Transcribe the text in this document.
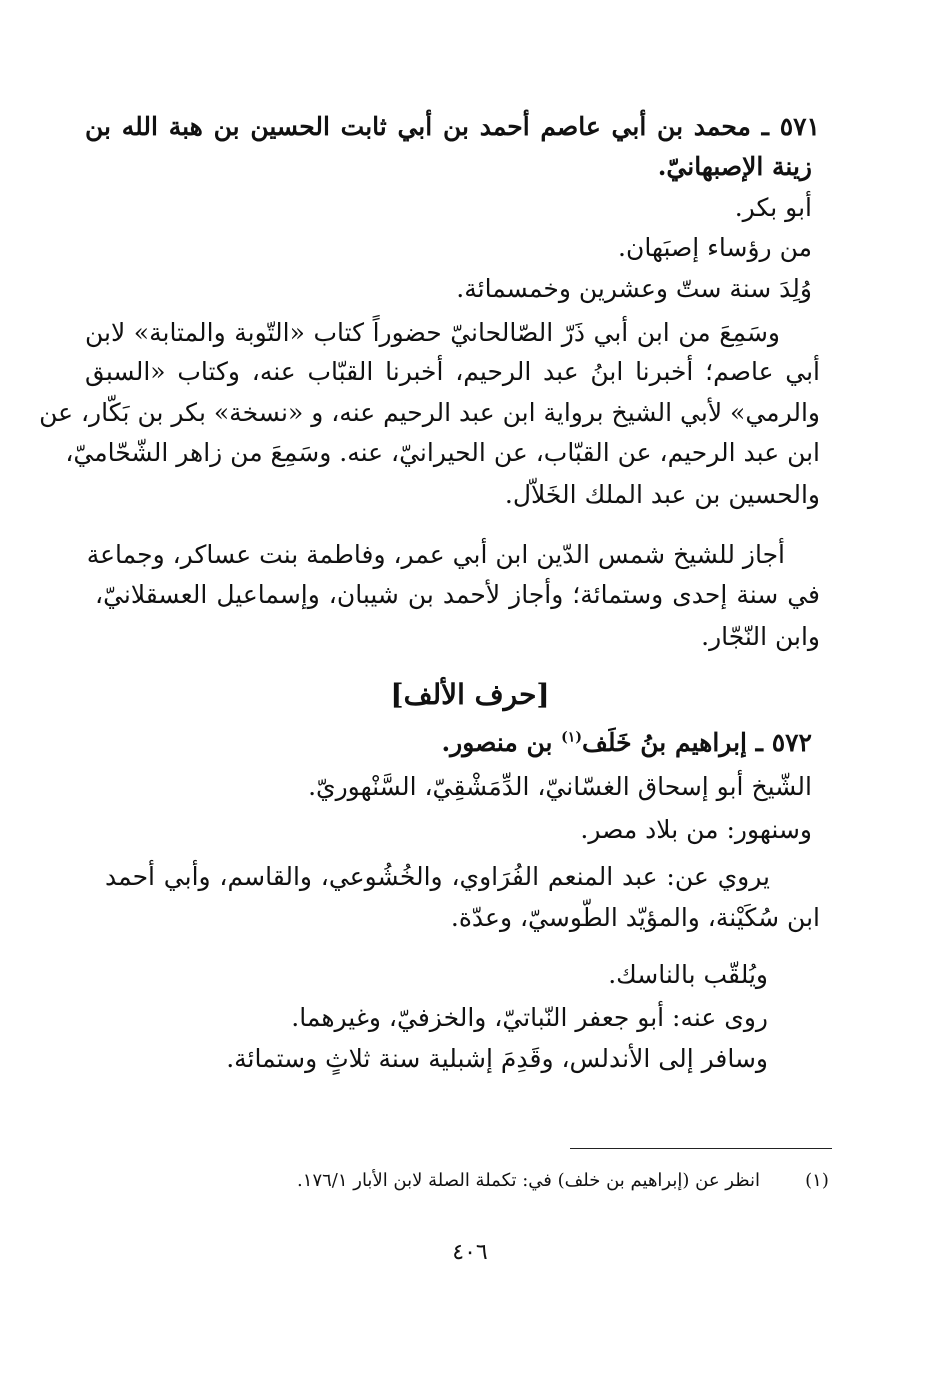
٥٧١ ـ محمد بن أبي عاصم أحمد بن أبي ثابت الحسين بن هبة الله بن
زينة الإصبهانيّ.
أبو بكر.
من رؤساء إصبَهان.
وُلِدَ سنة ستّ وعشرين وخمسمائة.
وسَمِعَ من ابن أبي ذَرّ الصّالحانيّ حضوراً كتاب «التّوبة والمتابة» لابن
أبي عاصم؛ أخبرنا ابنُ عبد الرحيم، أخبرنا القبّاب عنه، وكتاب «السبق
والرمي» لأبي الشيخ برواية ابن عبد الرحيم عنه، و «نسخة» بكر بن بَكّار، عن
ابن عبد الرحيم، عن القبّاب، عن الحيرانيّ، عنه. وسَمِعَ من زاهر الشّحّاميّ،
والحسين بن عبد الملك الخَلاّل.
أجاز للشيخ شمس الدّين ابن أبي عمر، وفاطمة بنت عساكر، وجماعة
في سنة إحدى وستمائة؛ وأجاز لأحمد بن شيبان، وإسماعيل العسقلانيّ،
وابن النّجّار.
[حرف الألف]
٥٧٢ ـ إبراهيم بنُ خَلَف$^{(١)}$ بن منصور.
الشّيخ أبو إسحاق الغسّانيّ، الدِّمَشْقِيّ، السَّنْهوريّ.
وسنهور: من بلاد مصر.
يروي عن: عبد المنعم الفُرَاوي، والخُشُوعي، والقاسم، وأبي أحمد
ابن سُكَيْنة، والمؤيّد الطّوسيّ، وعدّة.
ويُلقّب بالناسك.
روى عنه: أبو جعفر النّباتيّ، والخزفيّ، وغيرهما.
وسافر إلى الأندلس، وقَدِمَ إشبلية سنة ثلاثٍ وستمائة.
(١)
انظر عن (إبراهيم بن خلف) في: تكملة الصلة لابن الأبار ١٧٦/١.
٤٠٦
